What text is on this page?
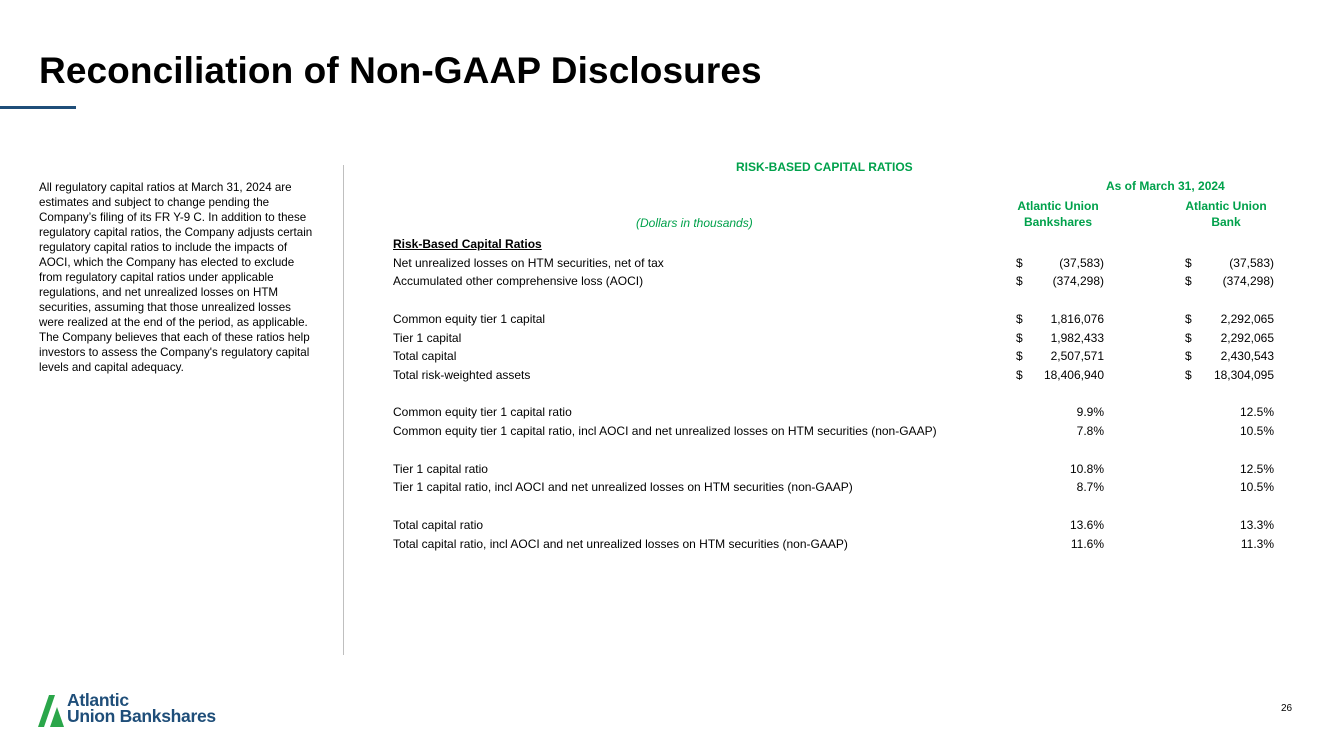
Reconciliation of Non-GAAP Disclosures
All regulatory capital ratios at March 31, 2024 are estimates and subject to change pending the Company’s filing of its FR Y-9 C. In addition to these regulatory capital ratios, the Company adjusts certain regulatory capital ratios to include the impacts of AOCI, which the Company has elected to exclude from regulatory capital ratios under applicable regulations, and net unrealized losses on HTM securities, assuming that those unrealized losses were realized at the end of the period, as applicable. The Company believes that each of these ratios help investors to assess the Company's regulatory capital levels and capital adequacy.
RISK-BASED CAPITAL RATIOS
As of March 31, 2024
Atlantic Union
Bankshares
Atlantic Union
Bank
(Dollars in thousands)
Risk-Based Capital Ratios
Net unrealized losses on HTM securities, net of tax	$	(37,583)	$	(37,583)
Accumulated other comprehensive loss (AOCI)	$ (374,298)	$	(374,298)
Common equity tier 1 capital	$ 1,816,076	$ 2,292,065
Tier 1 capital	$ 1,982,433	$ 2,292,065
Total capital	$ 2,507,571	$ 2,430,543
Total risk-weighted assets	$ 18,406,940	$ 18,304,095
Common equity tier 1 capital ratio	9.9%	12.5%
Common equity tier 1 capital ratio, incl AOCI and net unrealized losses on HTM securities (non-GAAP)	7.8%	10.5%
Tier 1 capital ratio	10.8%	12.5%
Tier 1 capital ratio, incl AOCI and net unrealized losses on HTM securities (non-GAAP)	8.7%	10.5%
Total capital ratio	13.6%	13.3%
Total capital ratio, incl AOCI and net unrealized losses on HTM securities (non-GAAP)	11.6%	11.3%
Atlantic
Union Bankshares	26
